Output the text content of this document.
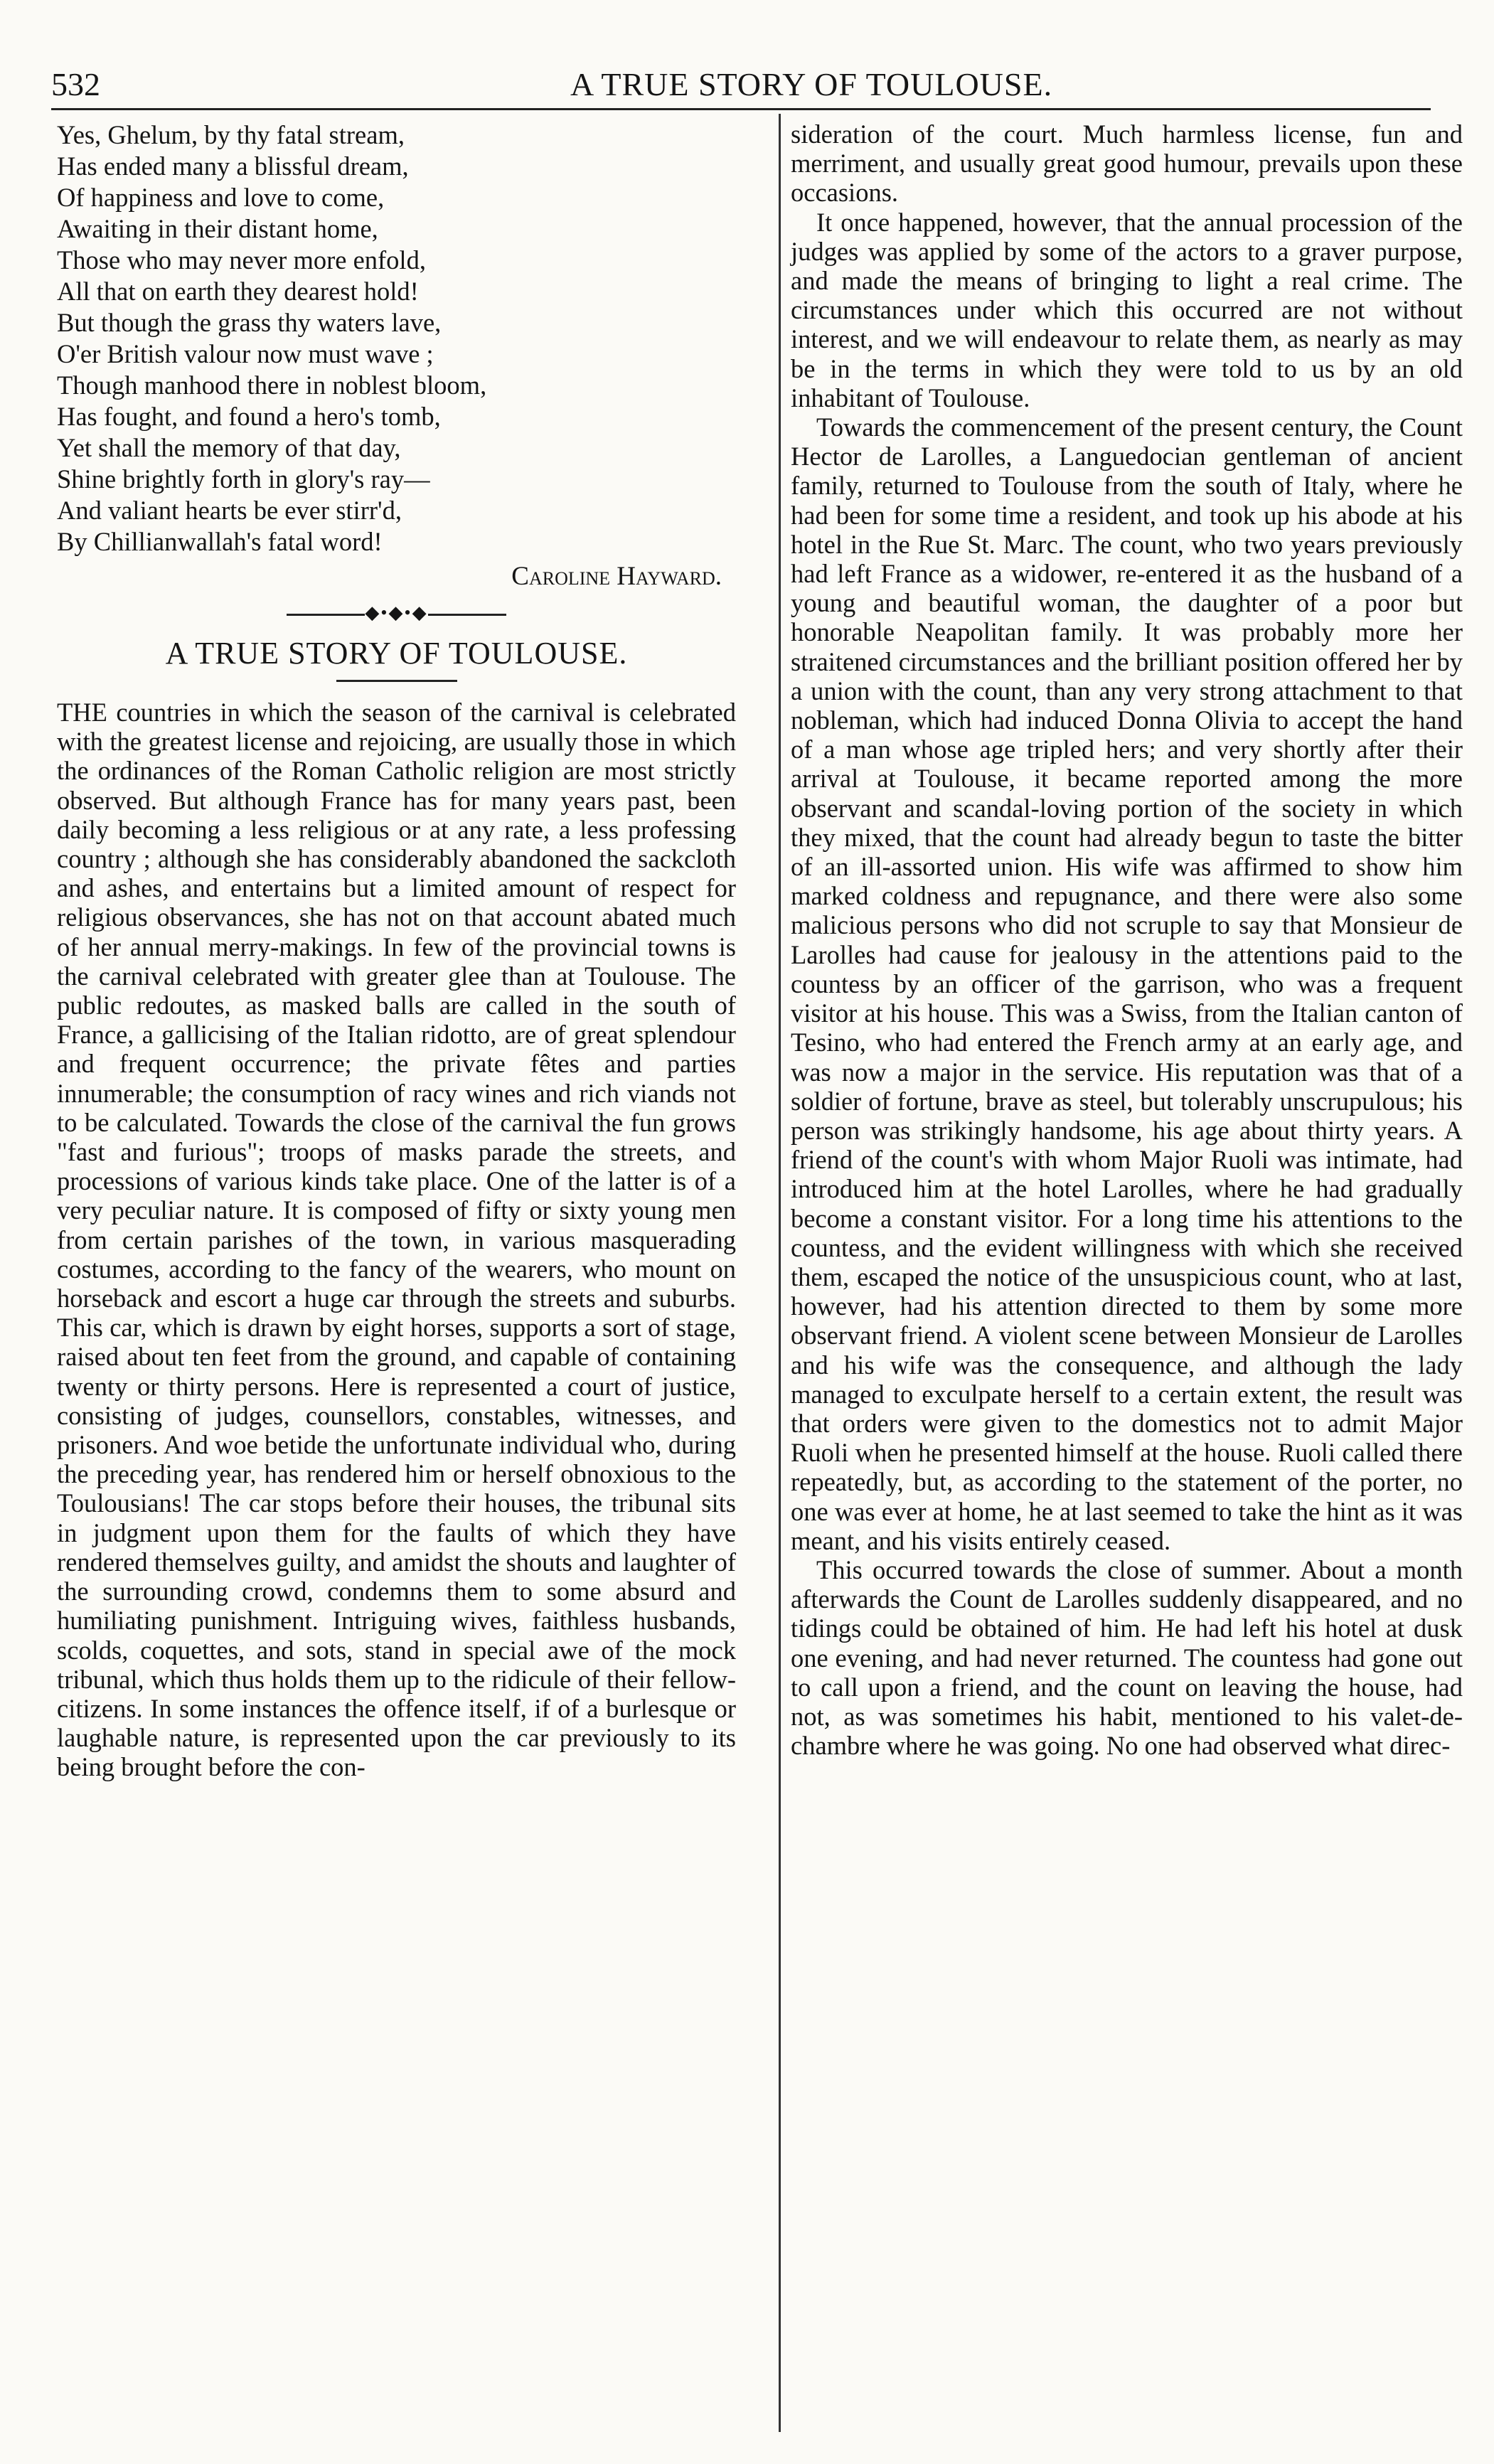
532	A TRUE STORY OF TOULOUSE.
Yes, Ghelum, by thy fatal stream,
Has ended many a blissful dream,
Of happiness and love to come,
Awaiting in their distant home,
Those who may never more enfold,
All that on earth they dearest hold!
But though the grass thy waters lave,
O'er British valour now must wave ;
Though manhood there in noblest bloom,
Has fought, and found a hero's tomb,
Yet shall the memory of that day,
Shine brightly forth in glory's ray—
And valiant hearts be ever stirr'd,
By Chillianwallah's fatal word!
Caroline Hayward.
◆•◆•◆
A TRUE STORY OF TOULOUSE.

THE countries in which the season of the carnival is celebrated with the greatest license and rejoicing, are usually those in which the ordinances of the Roman Catholic religion are most strictly observed. But although France has for many years past, been daily becoming a less religious or at any rate, a less professing country ; although she has considerably abandoned the sackcloth and ashes, and entertains but a limited amount of respect for religious observances, she has not on that account abated much of her annual merry-makings. In few of the provincial towns is the carnival celebrated with greater glee than at Toulouse. The public redoutes, as masked balls are called in the south of France, a gallicising of the Italian ridotto, are of great splendour and frequent occurrence; the private fêtes and parties innumerable; the consumption of racy wines and rich viands not to be calculated. Towards the close of the carnival the fun grows "fast and furious"; troops of masks parade the streets, and processions of various kinds take place. One of the latter is of a very peculiar nature. It is composed of fifty or sixty young men from certain parishes of the town, in various masquerading costumes, according to the fancy of the wearers, who mount on horseback and escort a huge car through the streets and suburbs. This car, which is drawn by eight horses, supports a sort of stage, raised about ten feet from the ground, and capable of containing twenty or thirty persons. Here is represented a court of justice, consisting of judges, counsellors, constables, witnesses, and prisoners. And woe betide the unfortunate individual who, during the preceding year, has rendered him or herself obnoxious to the Toulousians! The car stops before their houses, the tribunal sits in judgment upon them for the faults of which they have rendered themselves guilty, and amidst the shouts and laughter of the surrounding crowd, condemns them to some absurd and humiliating punishment. Intriguing wives, faithless husbands, scolds, coquettes, and sots, stand in special awe of the mock tribunal, which thus holds them up to the ridicule of their fellow-citizens. In some instances the offence itself, if of a burlesque or laughable nature, is represented upon the car previously to its being brought before the con-

sideration of the court. Much harmless license, fun and merriment, and usually great good humour, prevails upon these occasions.

It once happened, however, that the annual procession of the judges was applied by some of the actors to a graver purpose, and made the means of bringing to light a real crime. The circumstances under which this occurred are not without interest, and we will endeavour to relate them, as nearly as may be in the terms in which they were told to us by an old inhabitant of Toulouse.

Towards the commencement of the present century, the Count Hector de Larolles, a Languedocian gentleman of ancient family, returned to Toulouse from the south of Italy, where he had been for some time a resident, and took up his abode at his hotel in the Rue St. Marc. The count, who two years previously had left France as a widower, re-entered it as the husband of a young and beautiful woman, the daughter of a poor but honorable Neapolitan family. It was probably more her straitened circumstances and the brilliant position offered her by a union with the count, than any very strong attachment to that nobleman, which had induced Donna Olivia to accept the hand of a man whose age tripled hers; and very shortly after their arrival at Toulouse, it became reported among the more observant and scandal-loving portion of the society in which they mixed, that the count had already begun to taste the bitter of an ill-assorted union. His wife was affirmed to show him marked coldness and repugnance, and there were also some malicious persons who did not scruple to say that Monsieur de Larolles had cause for jealousy in the attentions paid to the countess by an officer of the garrison, who was a frequent visitor at his house. This was a Swiss, from the Italian canton of Tesino, who had entered the French army at an early age, and was now a major in the service. His reputation was that of a soldier of fortune, brave as steel, but tolerably unscrupulous; his person was strikingly handsome, his age about thirty years. A friend of the count's with whom Major Ruoli was intimate, had introduced him at the hotel Larolles, where he had gradually become a constant visitor. For a long time his attentions to the countess, and the evident willingness with which she received them, escaped the notice of the unsuspicious count, who at last, however, had his attention directed to them by some more observant friend. A violent scene between Monsieur de Larolles and his wife was the consequence, and although the lady managed to exculpate herself to a certain extent, the result was that orders were given to the domestics not to admit Major Ruoli when he presented himself at the house. Ruoli called there repeatedly, but, as according to the statement of the porter, no one was ever at home, he at last seemed to take the hint as it was meant, and his visits entirely ceased.

This occurred towards the close of summer. About a month afterwards the Count de Larolles suddenly disappeared, and no tidings could be obtained of him. He had left his hotel at dusk one evening, and had never returned. The countess had gone out to call upon a friend, and the count on leaving the house, had not, as was sometimes his habit, mentioned to his valet-de-chambre where he was going. No one had observed what direc-
